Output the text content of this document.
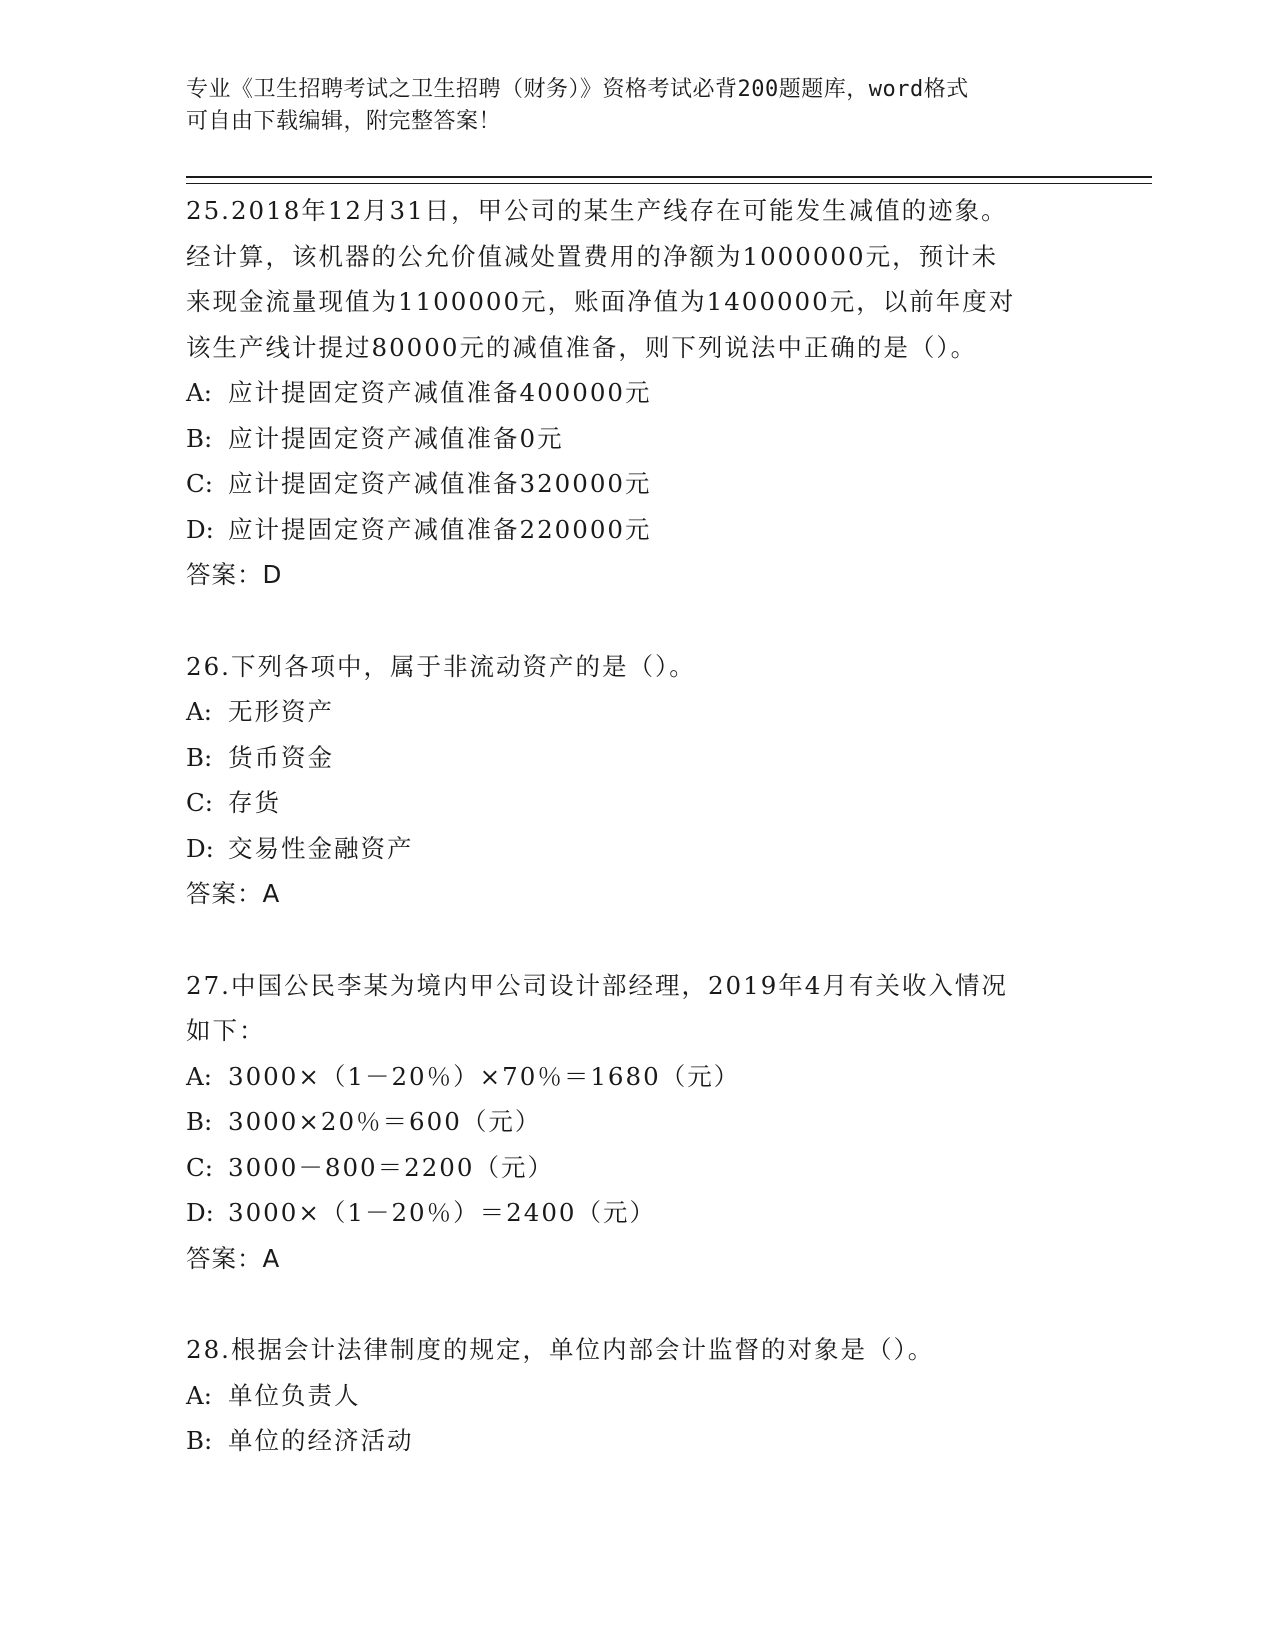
专业《卫生招聘考试之卫生招聘（财务）》资格考试必背200题题库，word格式
可自由下载编辑，附完整答案！

25.2018年12月31日，甲公司的某生产线存在可能发生减值的迹象。

经计算，该机器的公允价值减处置费用的净额为1000000元，预计未

来现金流量现值为1100000元，账面净值为1400000元，以前年度对

该生产线计提过80000元的减值准备，则下列说法中正确的是（）。

A: 应计提固定资产减值准备400000元

B: 应计提固定资产减值准备0元

C: 应计提固定资产减值准备320000元

D: 应计提固定资产减值准备220000元

答案：D

26.下列各项中，属于非流动资产的是（）。

A: 无形资产

B: 货币资金

C: 存货

D: 交易性金融资产

答案：A

27.中国公民李某为境内甲公司设计部经理，2019年4月有关收入情况

如下：

A: 3000×（1－20％）×70％＝1680（元）

B: 3000×20％＝600（元）

C: 3000－800＝2200（元）

D: 3000×（1－20％）＝2400（元）

答案：A

28.根据会计法律制度的规定，单位内部会计监督的对象是（）。

A: 单位负责人

B: 单位的经济活动
